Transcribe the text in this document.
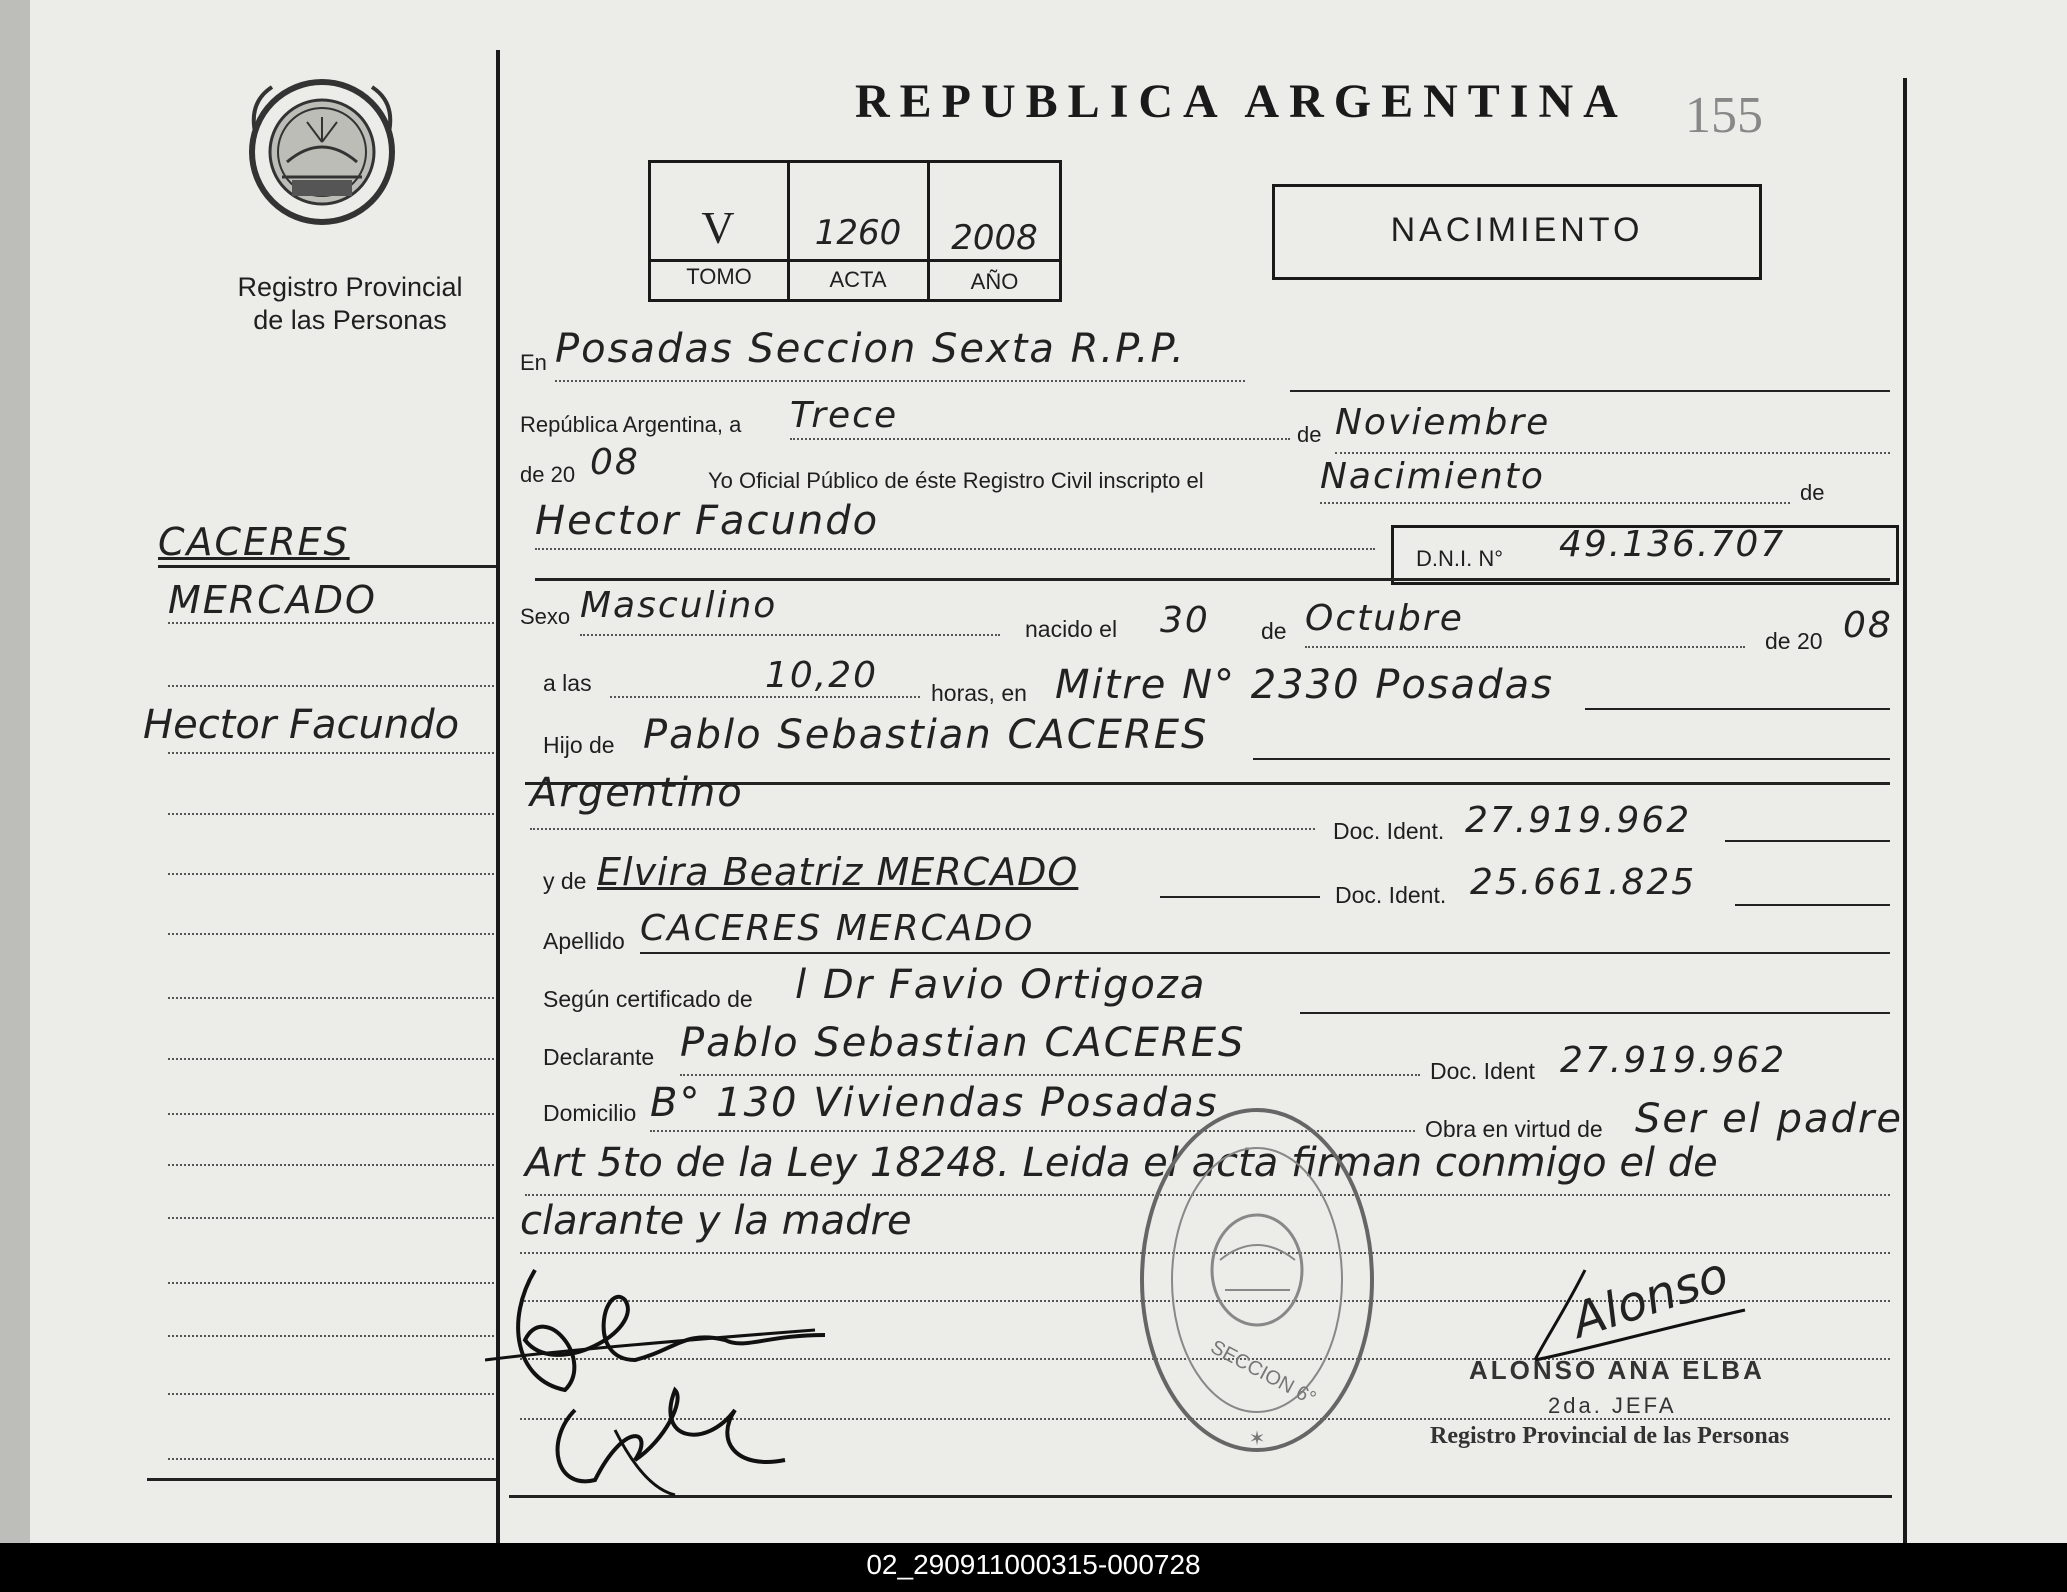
Registro Provincial
de las Personas
CACERES
MERCADO
Hector Facundo
REPUBLICA ARGENTINA 155
V	1260	2008
TOMO	ACTA	AÑO
NACIMIENTO
En Posadas Seccion Sexta R.P.P.
República Argentina, a Trece	de Noviembre
de 20 08	Yo Oficial Público de éste Registro Civil inscripto el	Nacimiento	de
Hector Facundo
D.N.I. N° 49.136.707
Sexo Masculino
nacido el 30 de Octubre
de 20 08
a las	10,20 horas, en Mitre N° 2330 Posadas
Hijo de Pablo Sebastian CACERES
Argentino
Doc. Ident. 27.919.962
y de Elvira Beatriz MERCADO
Doc. Ident. 25.661.825
Apellido CACERES MERCADO
Según certificado de l Dr Favio Ortigoza
Declarante Pablo Sebastian CACERES
Doc. Ident 27.919.962
Domicilio B° 130 Viviendas Posadas
Obra en virtud de Ser el padre
Art 5to de la Ley 18248. Leida el acta firman conmigo el de
clarante y la madre
✶
SECCION 6°
Alonso
ALONSO ANA ELBA
2da. JEFA
Registro Provincial de las Personas
02_290911000315-000728
